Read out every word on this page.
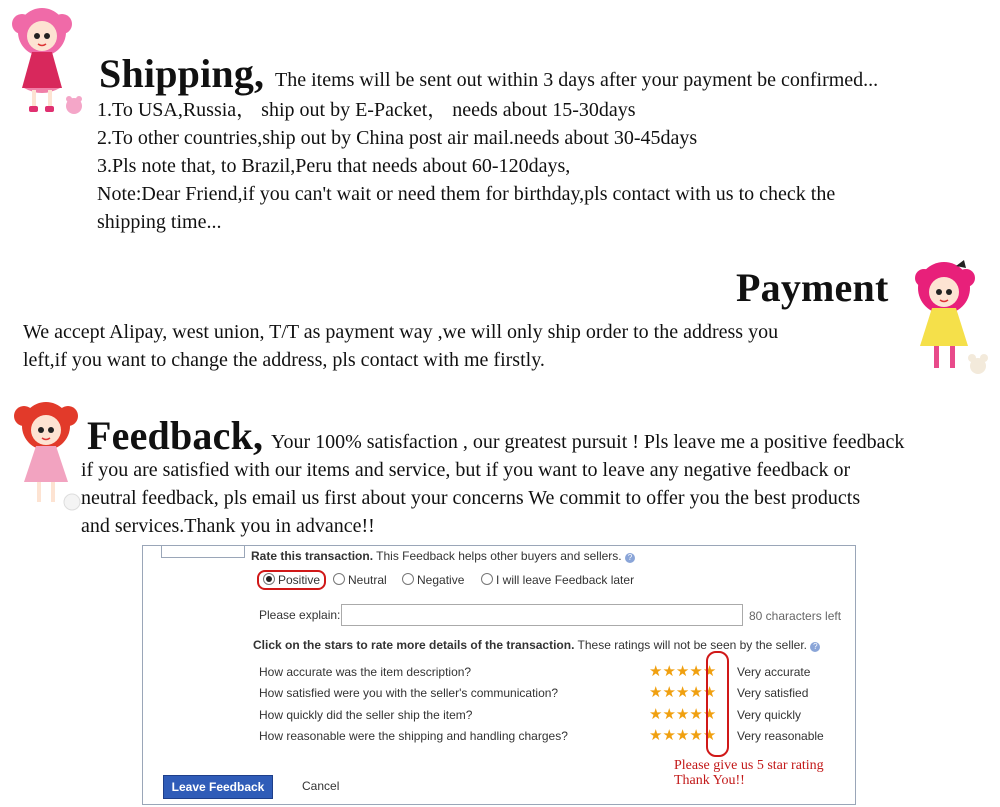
Shipping, The items will be sent out within 3 days after your payment be confirmed...
1.To USA,Russia， ship out by E-Packet， needs about 15-30days
2.To other countries,ship out by China post air mail.needs about 30-45days
3.Pls note that, to Brazil,Peru that needs about 60-120days,
Note:Dear Friend,if you can't wait or need them for birthday,pls contact with us to check the
shipping time...
Payment
We accept Alipay, west union, T/T as payment way ,we will only ship order to the address you
left,if you want to change the address, pls contact with me firstly.
Feedback, Your 100% satisfaction , our greatest pursuit ! Pls leave me a positive feedback
if you are satisfied with our items and service, but if you want to leave any negative feedback or
neutral feedback, pls email us first about your concerns We commit to offer you the best products
and services.Thank you in advance!!
Rate this transaction. This Feedback helps other buyers and sellers. ?
Positive	Neutral	Negative	I will leave Feedback later
Please explain:	80 characters left
Click on the stars to rate more details of the transaction. These ratings will not be seen by the seller. ?
How accurate was the item description?	★★★★★ Very accurate
How satisfied were you with the seller's communication?	★★★★★ Very satisfied
How quickly did the seller ship the item?	★★★★★ Very quickly
How reasonable were the shipping and handling charges?	★★★★★ Very reasonable
Leave Feedback	Cancel
Please give us 5 star rating
Thank You!!
